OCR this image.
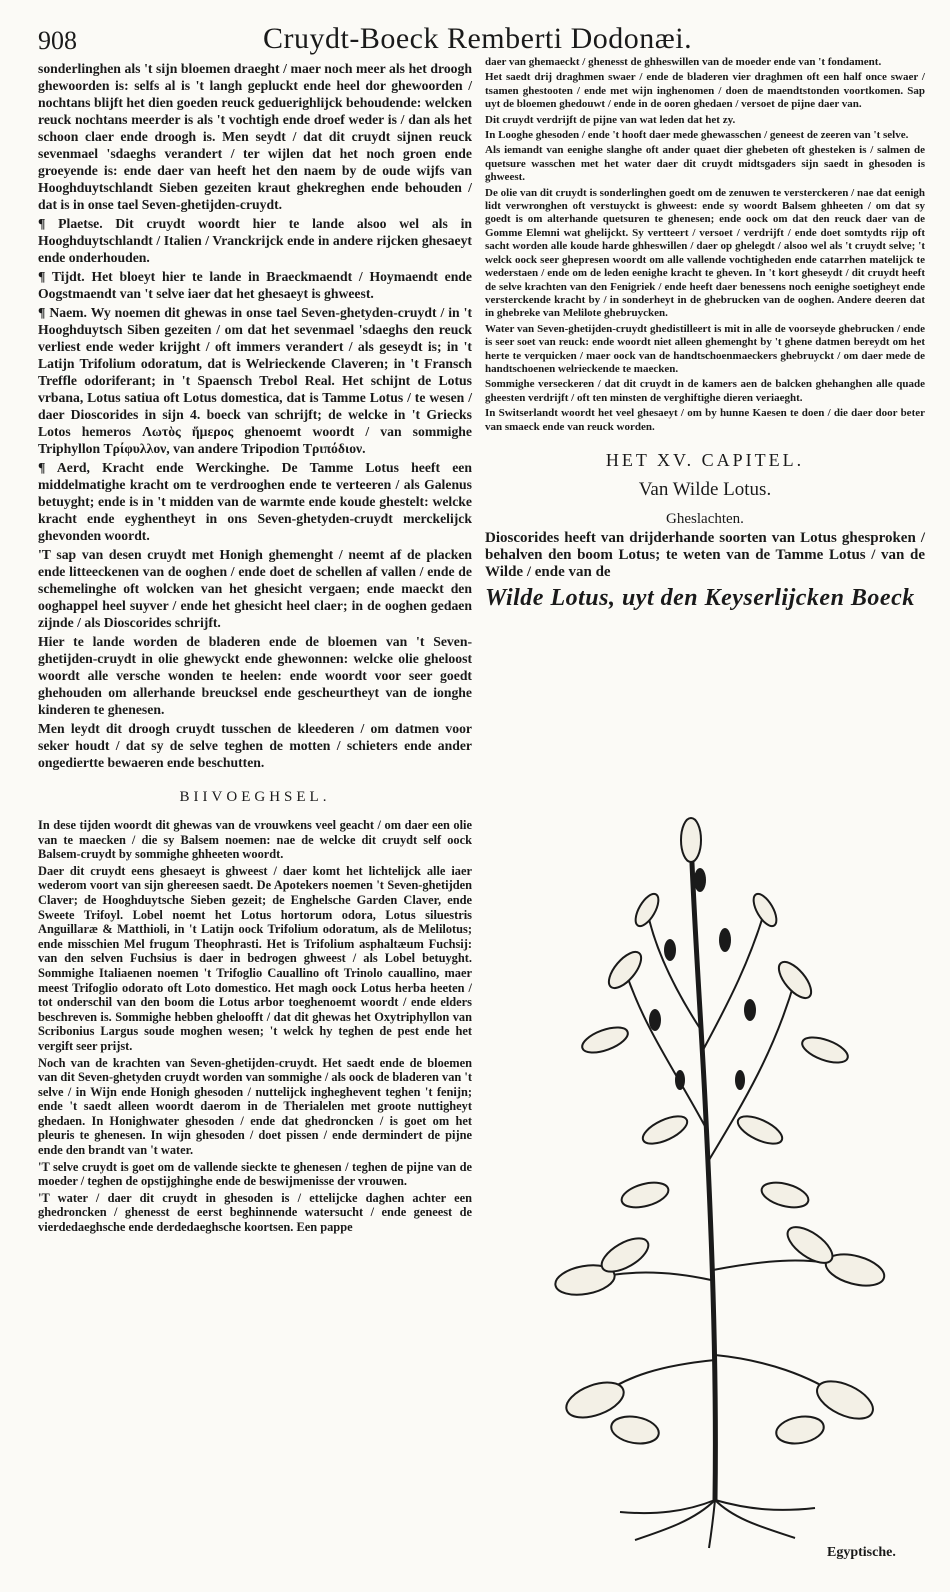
908	Cruydt-Boeck Remberti Dodonæi.

sonderlinghen als 't sijn bloemen draeght / maer noch meer als het droogh ghewoorden is: selfs al is 't langh gepluckt ende heel dor ghewoorden / nochtans blijft het dien goeden reuck geduerighlijck behoudende: welcken reuck nochtans meerder is als 't vochtigh ende droef weder is / dan als het schoon claer ende droogh is. Men seydt / dat dit cruydt sijnen reuck sevenmael 'sdaeghs verandert / ter wijlen dat het noch groen ende groeyende is: ende daer van heeft het den naem by de oude wijfs van Hooghduytschlandt Sieben gezeiten kraut ghekreghen ende behouden / dat is in onse tael Seven-ghetijden-cruydt.

¶ Plaetse. Dit cruydt woordt hier te lande alsoo wel als in Hooghduytschlandt / Italien / Vranckrijck ende in andere rijcken ghesaeyt ende onderhouden.

¶ Tijdt. Het bloeyt hier te lande in Braeckmaendt / Hoymaendt ende Oogstmaendt van 't selve iaer dat het ghesaeyt is ghweest.

¶ Naem. Wy noemen dit ghewas in onse tael Seven-ghetyden-cruydt / in 't Hooghduytsch Siben gezeiten / om dat het sevenmael 'sdaeghs den reuck verliest ende weder krijght / oft immers verandert / als geseydt is; in 't Latijn Trifolium odoratum, dat is Welrieckende Claveren; in 't Fransch Treffle odoriferant; in 't Spaensch Trebol Real. Het schijnt de Lotus vrbana, Lotus satiua oft Lotus domestica, dat is Tamme Lotus / te wesen / daer Dioscorides in sijn 4. boeck van schrijft; de welcke in 't Griecks Lotos hemeros Λωτὸς ἥμερος ghenoemt woordt / van sommighe Triphyllon Τρίφυλλον, van andere Tripodion Τριπόδιον.

¶ Aerd, Kracht ende Werckinghe. De Tamme Lotus heeft een middelmatighe kracht om te verdrooghen ende te verteeren / als Galenus betuyght; ende is in 't midden van de warmte ende koude ghestelt: welcke kracht ende eyghentheyt in ons Seven-ghetyden-cruydt merckelijck ghevonden woordt.

'T sap van desen cruydt met Honigh ghemenght / neemt af de placken ende litteeckenen van de ooghen / ende doet de schellen af vallen / ende de schemelinghe oft wolcken van het ghesicht vergaen; ende maeckt den ooghappel heel suyver / ende het ghesicht heel claer; in de ooghen gedaen zijnde / als Dioscorides schrijft.

Hier te lande worden de bladeren ende de bloemen van 't Seven-ghetijden-cruydt in olie ghewyckt ende ghewonnen: welcke olie gheloost woordt alle versche wonden te heelen: ende woordt voor seer goedt ghehouden om allerhande breucksel ende gescheurtheyt van de ionghe kinderen te ghenesen.

Men leydt dit droogh cruydt tusschen de kleederen / om datmen voor seker houdt / dat sy de selve teghen de motten / schieters ende ander ongediertte bewaeren ende beschutten.

BIIVOEGHSEL.

In dese tijden woordt dit ghewas van de vrouwkens veel geacht / om daer een olie van te maecken / die sy Balsem noemen: nae de welcke dit cruydt self oock Balsem-cruydt by sommighe ghheeten woordt.

Daer dit cruydt eens ghesaeyt is ghweest / daer komt het lichtelijck alle iaer wederom voort van sijn ghereesen saedt. De Apotekers noemen 't Seven-ghetijden Claver; de Hooghduytsche Sieben gezeit; de Enghelsche Garden Claver, ende Sweete Trifoyl. Lobel noemt het Lotus hortorum odora, Lotus siluestris Anguillaræ & Matthioli, in 't Latijn oock Trifolium odoratum, als de Melilotus; ende misschien Mel frugum Theophrasti. Het is Trifolium asphaltæum Fuchsij: van den selven Fuchsius is daer in bedrogen ghweest / als Lobel betuyght. Sommighe Italiaenen noemen 't Trifoglio Cauallino oft Trinolo cauallino, maer meest Trifoglio odorato oft Loto domestico. Het magh oock Lotus herba heeten / tot onderschil van den boom die Lotus arbor toeghenoemt woordt / ende elders beschreven is. Sommighe hebben gheloofft / dat dit ghewas het Oxytriphyllon van Scribonius Largus soude moghen wesen; 't welck hy teghen de pest ende het vergift seer prijst.

Noch van de krachten van Seven-ghetijden-cruydt. Het saedt ende de bloemen van dit Seven-ghetyden cruydt worden van sommighe / als oock de bladeren van 't selve / in Wijn ende Honigh ghesoden / nuttelijck ingheghevent teghen 't fenijn; ende 't saedt alleen woordt daerom in de Therialelen met groote nuttigheyt ghedaen. In Honighwater ghesoden / ende dat ghedroncken / is goet om het pleuris te ghenesen. In wijn ghesoden / doet pissen / ende dermindert de pijne ende den brandt van 't water.

'T selve cruydt is goet om de vallende sieckte te ghenesen / teghen de pijne van de moeder / teghen de opstijghinghe ende de beswijmenisse der vrouwen.

'T water / daer dit cruydt in ghesoden is / ettelijcke daghen achter een ghedroncken / ghenesst de eerst beghinnende watersucht / ende geneest de vierdedaeghsche ende derdedaeghsche koortsen. Een pappe

daer van ghemaeckt / ghenesst de ghheswillen van de moeder ende van 't fondament.

Het saedt drij draghmen swaer / ende de bladeren vier draghmen oft een half once swaer / tsamen ghestooten / ende met wijn inghenomen / doen de maendtstonden voortkomen. Sap uyt de bloemen ghedouwt / ende in de ooren ghedaen / versoet de pijne daer van.

Dit cruydt verdrijft de pijne van wat leden dat het zy.

In Looghe ghesoden / ende 't hooft daer mede ghewasschen / geneest de zeeren van 't selve.

Als iemandt van eenighe slanghe oft ander quaet dier ghebeten oft ghesteken is / salmen de quetsure wasschen met het water daer dit cruydt midtsgaders sijn saedt in ghesoden is ghweest.

De olie van dit cruydt is sonderlinghen goedt om de zenuwen te versterckeren / nae dat eenigh lidt verwronghen oft verstuyckt is ghweest: ende sy woordt Balsem ghheeten / om dat sy goedt is om alterhande quetsuren te ghenesen; ende oock om dat den reuck daer van de Gomme Elemni wat ghelijckt. Sy vertteert / versoet / verdrijft / ende doet somtydts rijp oft sacht worden alle koude harde ghheswillen / daer op ghelegdt / alsoo wel als 't cruydt selve; 't welck oock seer ghepresen woordt om alle vallende vochtigheden ende catarrhen matelijck te wederstaen / ende om de leden eenighe kracht te gheven. In 't kort gheseydt / dit cruydt heeft de selve krachten van den Fenigriek / ende heeft daer benessens noch eenighe soetigheyt ende versterckende kracht by / in sonderheyt in de ghebrucken van de ooghen. Andere deeren dat in ghebreke van Melilote ghebruycken.

Water van Seven-ghetijden-cruydt ghedistilleert is mit in alle de voorseyde ghebrucken / ende is seer soet van reuck: ende woordt niet alleen ghemenght by 't ghene datmen bereydt om het herte te verquicken / maer oock van de handtschoenmaeckers ghebruyckt / om daer mede de handtschoenen welrieckende te maecken.

Sommighe verseckeren / dat dit cruydt in de kamers aen de balcken ghehanghen alle quade gheesten verdrijft / oft ten minsten de verghiftighe dieren veriaeght.

In Switserlandt woordt het veel ghesaeyt / om by hunne Kaesen te doen / die daer door beter van smaeck ende van reuck worden.

HET XV. CAPITEL.
Van Wilde Lotus.
Gheslachten.

Dioscorides heeft van drijderhande soorten van Lotus ghesproken / behalven den boom Lotus; te weten van de Tamme Lotus / van de Wilde / ende van de

Wilde Lotus, uyt den Keyserlijcken Boeck
Egyptische.
